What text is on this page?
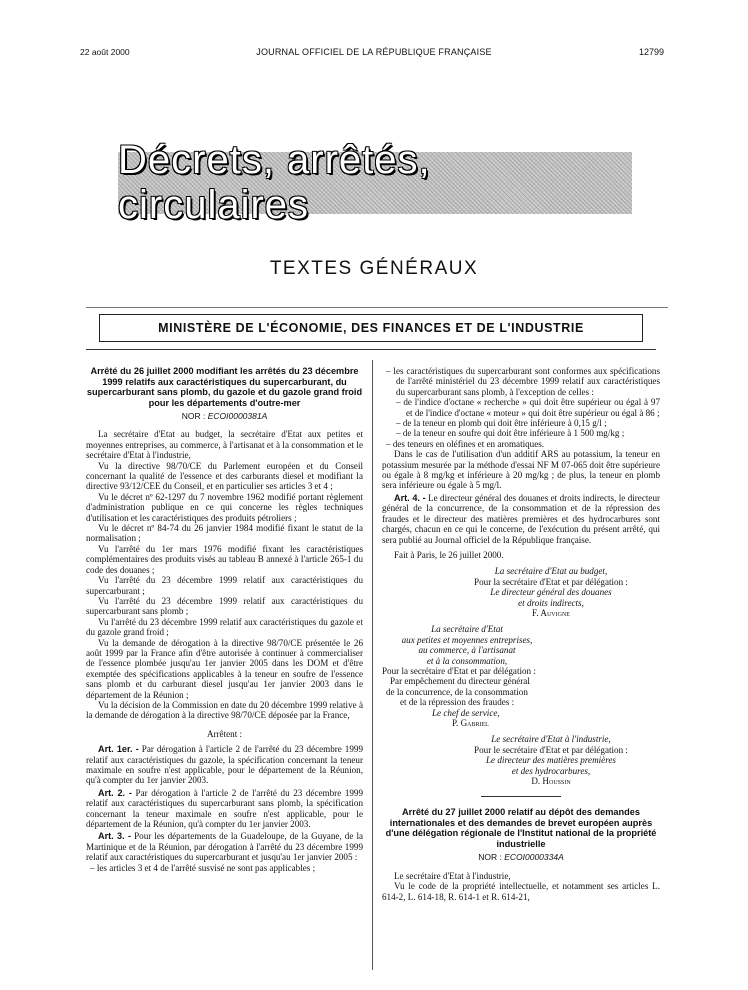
22 août 2000	JOURNAL OFFICIEL DE LA RÉPUBLIQUE FRANÇAISE	12799
Décrets, arrêtés, circulaires
TEXTES GÉNÉRAUX
MINISTÈRE DE L'ÉCONOMIE, DES FINANCES ET DE L'INDUSTRIE
Arrêté du 26 juillet 2000 modifiant les arrêtés du 23 décembre 1999 relatifs aux caractéristiques du supercarburant, du supercarburant sans plomb, du gazole et du gazole grand froid pour les départements d'outre-mer
NOR : ECOI0000381A

La secrétaire d'Etat au budget, la secrétaire d'Etat aux petites et moyennes entreprises, au commerce, à l'artisanat et à la consommation et le secrétaire d'Etat à l'industrie,

Vu la directive 98/70/CE du Parlement européen et du Conseil concernant la qualité de l'essence et des carburants diesel et modifiant la directive 93/12/CEE du Conseil, et en particulier ses articles 3 et 4 ;

Vu le décret nº 62-1297 du 7 novembre 1962 modifié portant règlement d'administration publique en ce qui concerne les règles techniques d'utilisation et les caractéristiques des produits pétroliers ;

Vu le décret nº 84-74 du 26 janvier 1984 modifié fixant le statut de la normalisation ;

Vu l'arrêté du 1er mars 1976 modifié fixant les caractéristiques complémentaires des produits visés au tableau B annexé à l'article 265-1 du code des douanes ;

Vu l'arrêté du 23 décembre 1999 relatif aux caractéristiques du supercarburant ;

Vu l'arrêté du 23 décembre 1999 relatif aux caractéristiques du supercarburant sans plomb ;

Vu l'arrêté du 23 décembre 1999 relatif aux caractéristiques du gazole et du gazole grand froid ;

Vu la demande de dérogation à la directive 98/70/CE présentée le 26 août 1999 par la France afin d'être autorisée à continuer à commercialiser de l'essence plombée jusqu'au 1er janvier 2005 dans les DOM et d'être exemptée des spécifications applicables à la teneur en soufre de l'essence sans plomb et du carburant diesel jusqu'au 1er janvier 2003 dans le département de la Réunion ;

Vu la décision de la Commission en date du 20 décembre 1999 relative à la demande de dérogation à la directive 98/70/CE déposée par la France,

Arrêtent :

Art. 1er. - Par dérogation à l'article 2 de l'arrêté du 23 décembre 1999 relatif aux caractéristiques du gazole, la spécification concernant la teneur maximale en soufre n'est applicable, pour le département de la Réunion, qu'à compter du 1er janvier 2003.

Art. 2. - Par dérogation à l'article 2 de l'arrêté du 23 décembre 1999 relatif aux caractéristiques du supercarburant sans plomb, la spécification concernant la teneur maximale en soufre n'est applicable, pour le département de la Réunion, qu'à compter du 1er janvier 2003.

Art. 3. - Pour les départements de la Guadeloupe, de la Guyane, de la Martinique et de la Réunion, par dérogation à l'arrêté du 23 décembre 1999 relatif aux caractéristiques du supercarburant et jusqu'au 1er janvier 2005 :

– les articles 3 et 4 de l'arrêté susvisé ne sont pas applicables ;

– les caractéristiques du supercarburant sont conformes aux spécifications de l'arrêté ministériel du 23 décembre 1999 relatif aux caractéristiques du supercarburant sans plomb, à l'exception de celles :

– de l'indice d'octane « recherche » qui doit être supérieur ou égal à 97 et de l'indice d'octane « moteur » qui doit être supérieur ou égal à 86 ;

– de la teneur en plomb qui doit être inférieure à 0,15 g/l ;

– de la teneur en soufre qui doit être inférieure à 1 500 mg/kg ;

– des teneurs en oléfines et en aromatiques.

Dans le cas de l'utilisation d'un additif ARS au potassium, la teneur en potassium mesurée par la méthode d'essai NF M 07-065 doit être supérieure ou égale à 8 mg/kg et inférieure à 20 mg/kg ; de plus, la teneur en plomb sera inférieure ou égale à 5 mg/l.

Art. 4. - Le directeur général des douanes et droits indirects, le directeur général de la concurrence, de la consommation et de la répression des fraudes et le directeur des matières premières et des hydrocarbures sont chargés, chacun en ce qui le concerne, de l'exécution du présent arrêté, qui sera publié au Journal officiel de la République française.

Fait à Paris, le 26 juillet 2000.

La secrétaire d'Etat au budget,
Pour la secrétaire d'Etat et par délégation :
Le directeur général des douanes
et droits indirects,
F. Auvigne
La secrétaire d'Etat
aux petites et moyennes entreprises,
au commerce, à l'artisanat
et à la consommation,
Pour la secrétaire d'Etat et par délégation :
Par empêchement du directeur général
de la concurrence, de la consommation
et de la répression des fraudes :
Le chef de service,
P. Gabriel
Le secrétaire d'Etat à l'industrie,
Pour le secrétaire d'Etat et par délégation :
Le directeur des matières premières
et des hydrocarbures,
D. Houssin
Arrêté du 27 juillet 2000 relatif au dépôt des demandes internationales et des demandes de brevet européen auprès d'une délégation régionale de l'Institut national de la propriété industrielle
NOR : ECOI0000334A

Le secrétaire d'Etat à l'industrie,

Vu le code de la propriété intellectuelle, et notamment ses articles L. 614-2, L. 614-18, R. 614-1 et R. 614-21,
